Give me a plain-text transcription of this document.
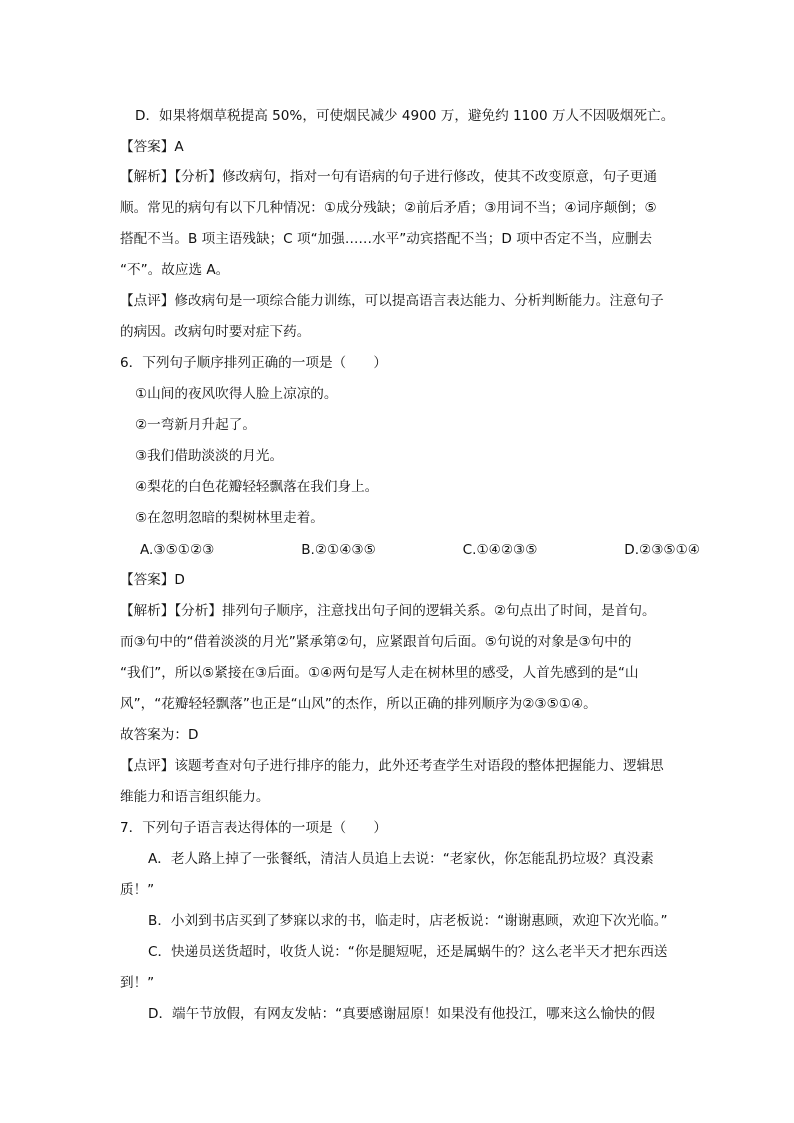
D．如果将烟草税提高 50%，可使烟民减少 4900 万，避免约 1100 万人不因吸烟死亡。
【答案】A
【解析】【分析】修改病句，指对一句有语病的句子进行修改，使其不改变原意，句子更通
顺。常见的病句有以下几种情况：①成分残缺；②前后矛盾；③用词不当；④词序颠倒；⑤
搭配不当。B 项主语残缺；C 项“加强……水平”动宾搭配不当；D 项中否定不当，应删去
“不”。故应选 A。
【点评】修改病句是一项综合能力训练，可以提高语言表达能力、分析判断能力。注意句子
的病因。改病句时要对症下药。
6．下列句子顺序排列正确的一项是（　　）
①山间的夜风吹得人脸上凉凉的。
②一弯新月升起了。
③我们借助淡淡的月光。
④梨花的白色花瓣轻轻飘落在我们身上。
⑤在忽明忽暗的梨树林里走着。
A.③⑤①②③	B.②①④③⑤	C.①④②③⑤	D.②③⑤①④
【答案】D
【解析】【分析】排列句子顺序，注意找出句子间的逻辑关系。②句点出了时间，是首句。
而③句中的“借着淡淡的月光”紧承第②句，应紧跟首句后面。⑤句说的对象是③句中的
“我们”，所以⑤紧接在③后面。①④两句是写人走在树林里的感受，人首先感到的是“山
风”，“花瓣轻轻飘落”也正是“山风”的杰作，所以正确的排列顺序为②③⑤①④。
故答案为：D
【点评】该题考查对句子进行排序的能力，此外还考查学生对语段的整体把握能力、逻辑思
维能力和语言组织能力。
7．下列句子语言表达得体的一项是（　　）
A．老人路上掉了一张餐纸，清洁人员追上去说：“老家伙，你怎能乱扔垃圾？真没素
质！”
B．小刘到书店买到了梦寐以求的书，临走时，店老板说：“谢谢惠顾，欢迎下次光临。”
C．快递员送货超时，收货人说：“你是腿短呢，还是属蜗牛的？这么老半天才把东西送
到！”
D．端午节放假，有网友发帖：“真要感谢屈原！如果没有他投江，哪来这么愉快的假
